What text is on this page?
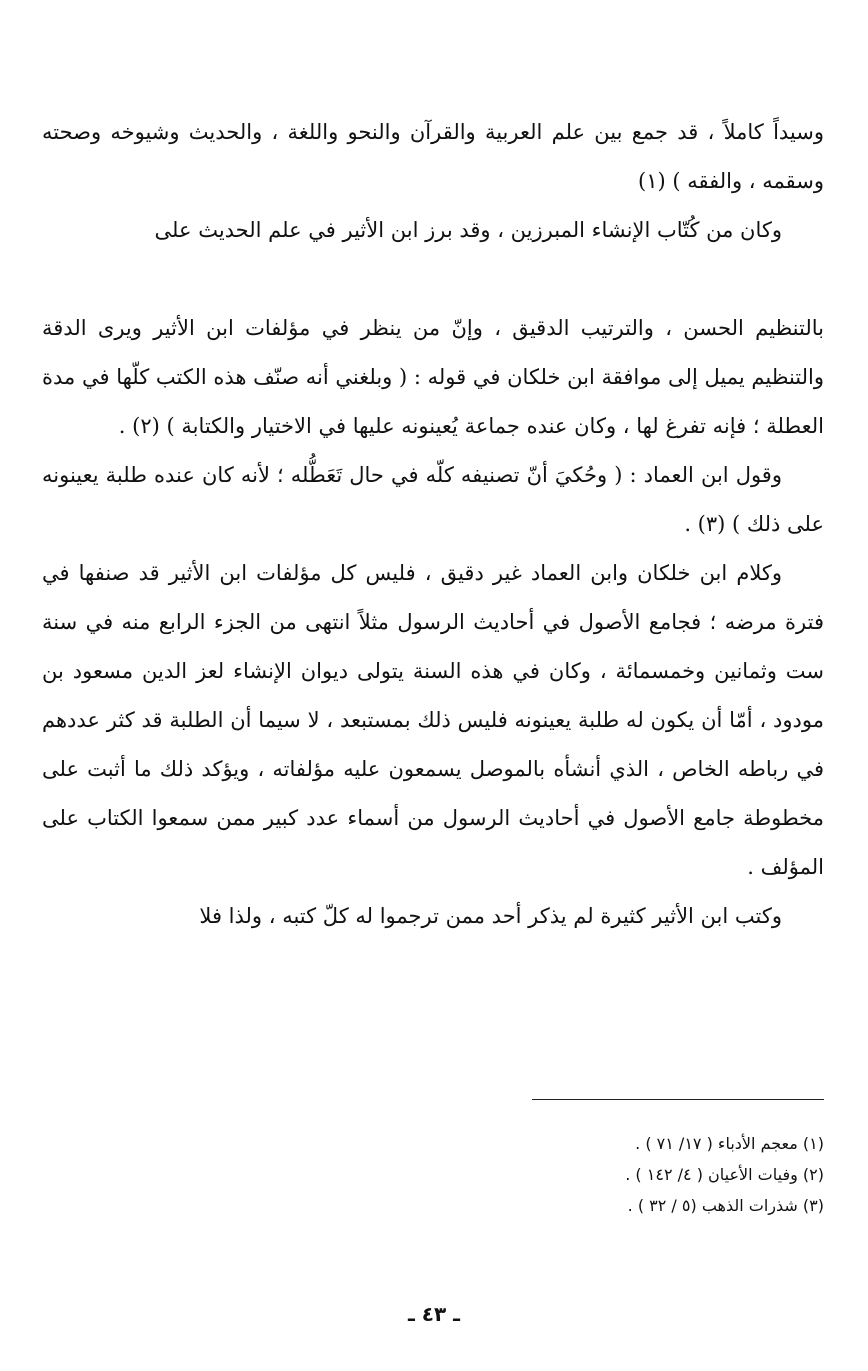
وسيداً كاملاً ، قد جمع بين علم العربية والقرآن والنحو واللغة ، والحديث وشيوخه وصحته وسقمه ، والفقه ) (١)

وكان من كُتّاب الإنشاء المبرزين ، وقد برز ابن الأثير في علم الحديث على

بالتنظيم الحسن ، والترتيب الدقيق ، وإنّ من ينظر في مؤلفات ابن الأثير ويرى الدقة والتنظيم يميل إلى موافقة ابن خلكان في قوله : ( وبلغني أنه صنّف هذه الكتب كلّها في مدة العطلة ؛ فإنه تفرغ لها ، وكان عنده جماعة يُعينونه عليها في الاختيار والكتابة ) (٢) .

وقول ابن العماد : ( وحُكيَ أنّ تصنيفه كلّه في حال تَعَطُّله ؛ لأنه كان عنده طلبة يعينونه على ذلك ) (٣) .

وكلام ابن خلكان وابن العماد غير دقيق ، فليس كل مؤلفات ابن الأثير قد صنفها في فترة مرضه ؛ فجامع الأصول في أحاديث الرسول مثلاً انتهى من الجزء الرابع منه في سنة ست وثمانين وخمسمائة ، وكان في هذه السنة يتولى ديوان الإنشاء لعز الدين مسعود بن مودود ، أمّا أن يكون له طلبة يعينونه فليس ذلك بمستبعد ، لا سيما أن الطلبة قد كثر عددهم في رباطه الخاص ، الذي أنشأه بالموصل يسمعون عليه مؤلفاته ، ويؤكد ذلك ما أثبت على مخطوطة جامع الأصول في أحاديث الرسول من أسماء عدد كبير ممن سمعوا الكتاب على المؤلف .

وكتب ابن الأثير كثيرة لم يذكر أحد ممن ترجموا له كلّ كتبه ، ولذا فلا

(١) معجم الأدباء ( ١٧/ ٧١ ) .
(٢) وفيات الأعيان ( ٤/ ١٤٢ ) .
(٣) شذرات الذهب (٥ / ٣٢ ) .
ـ ٤٣ ـ
